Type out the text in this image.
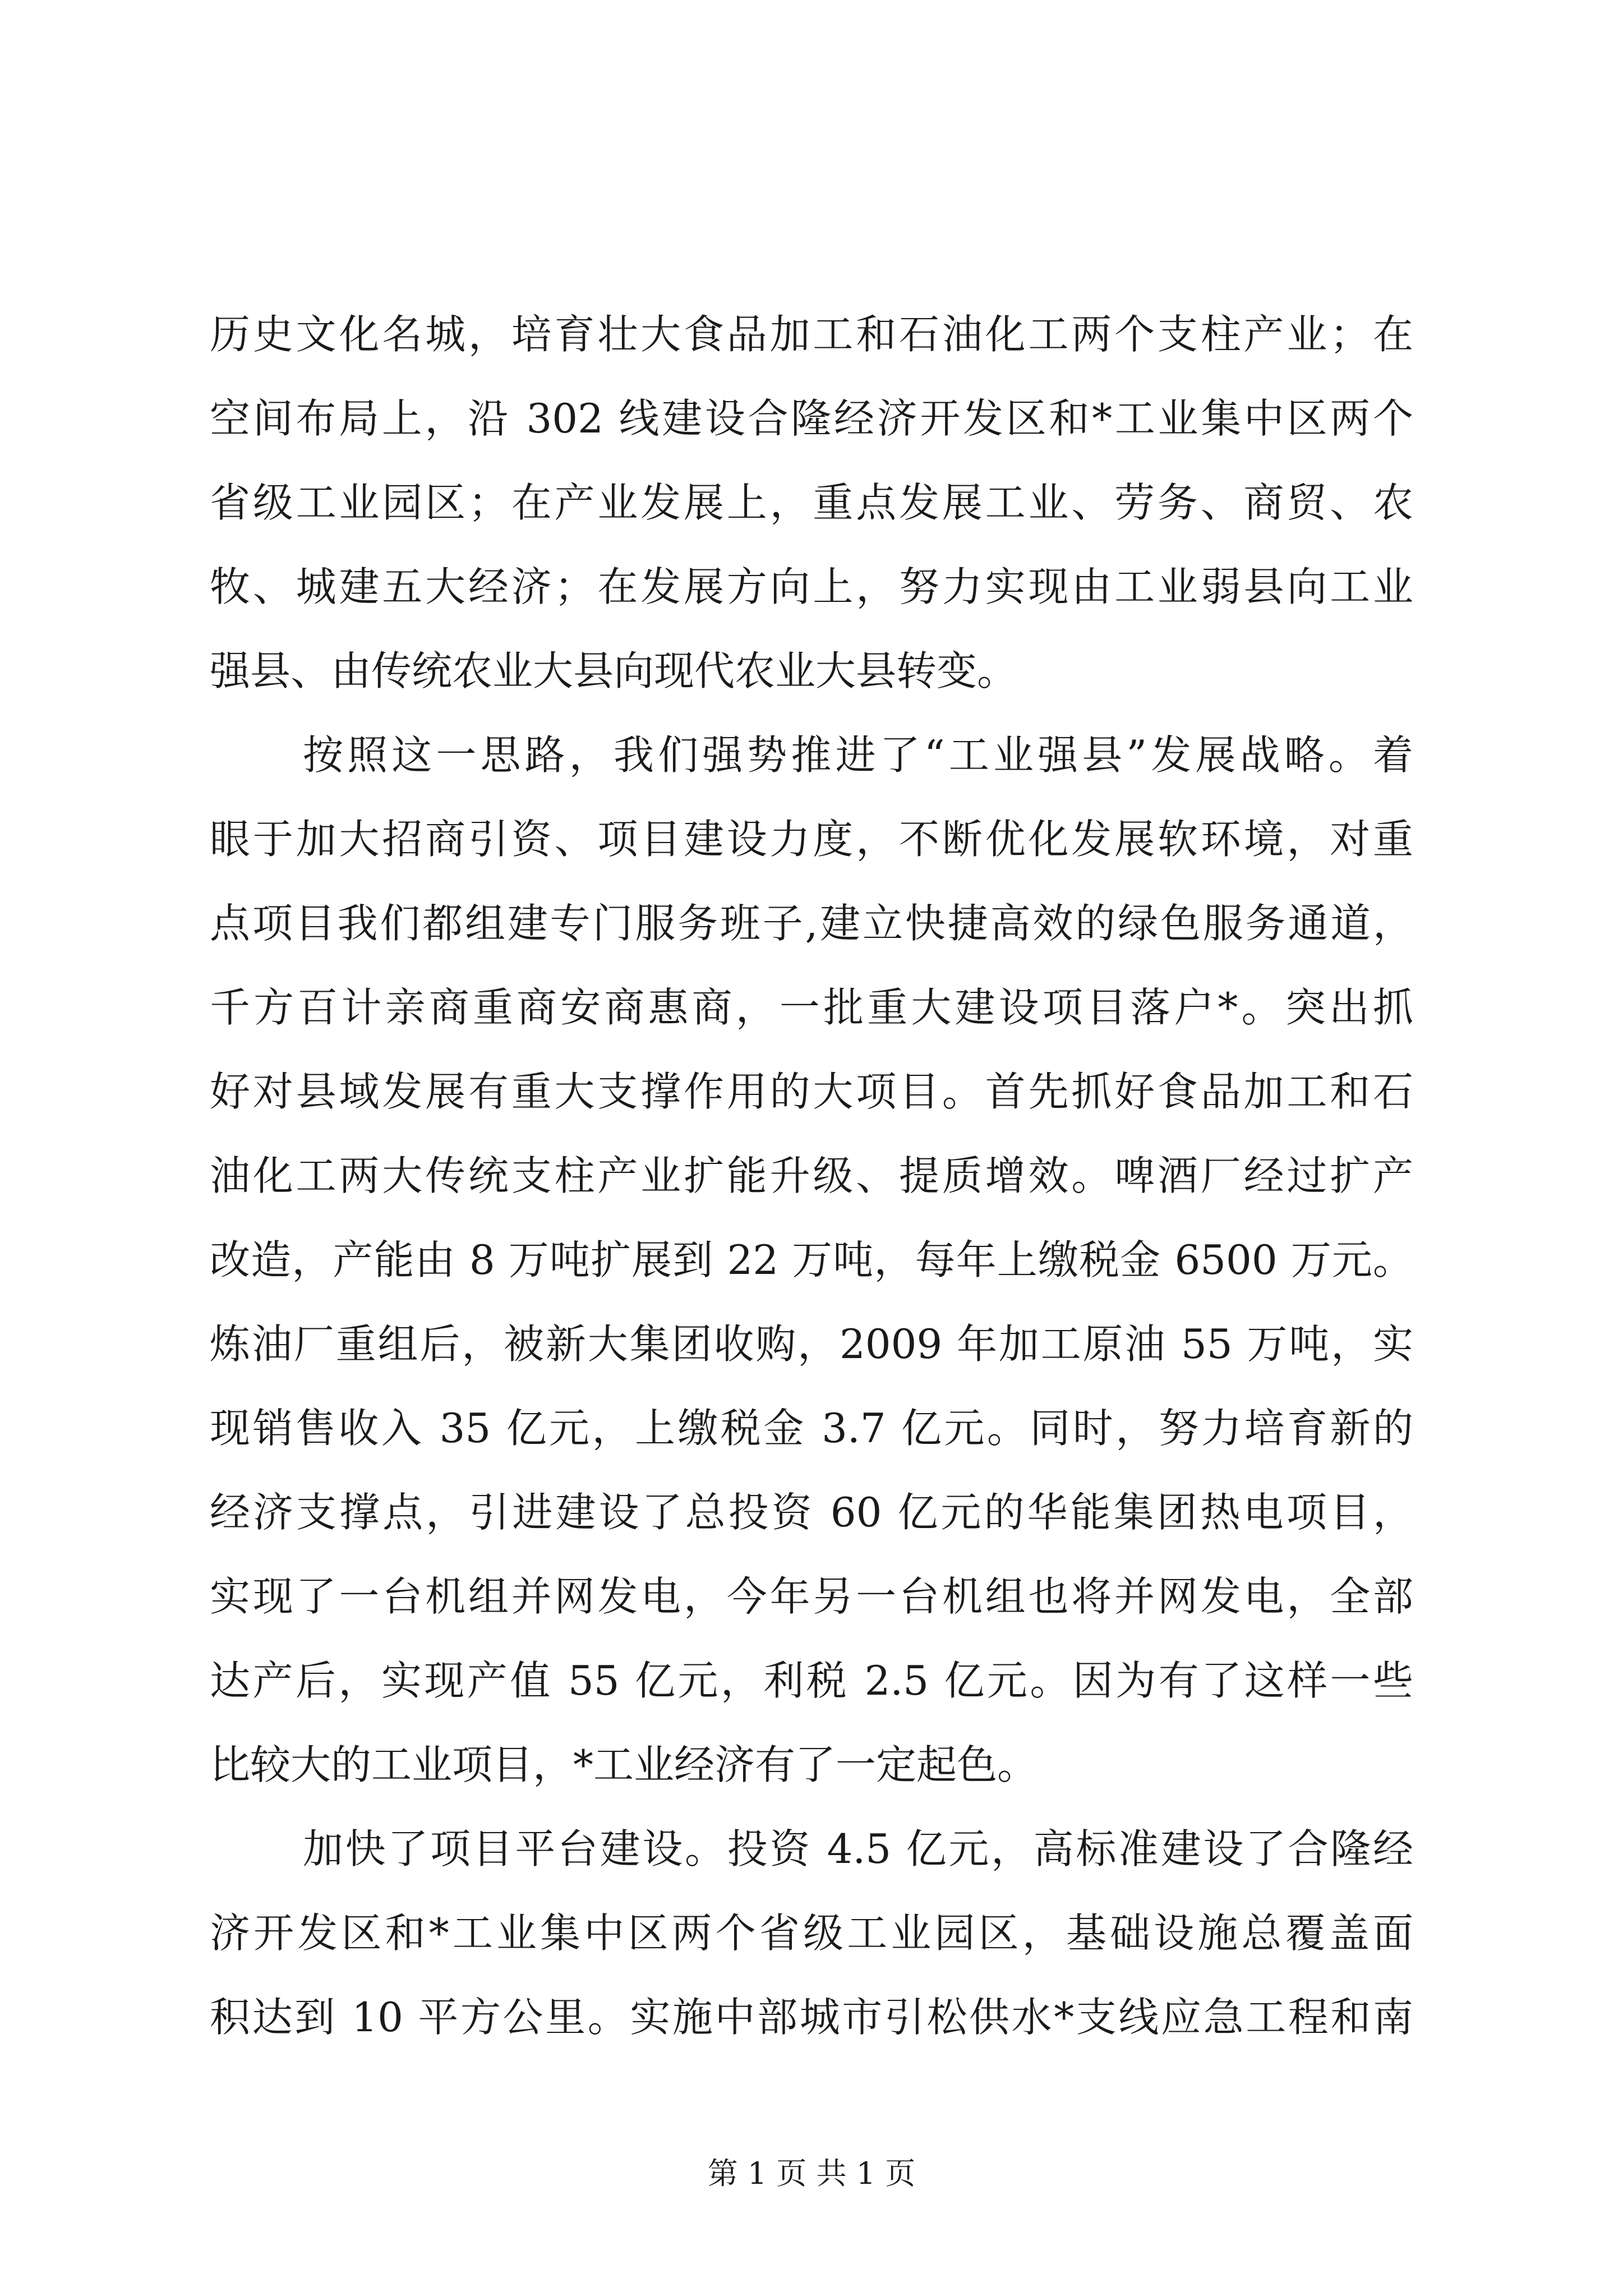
历史文化名城，培育壮大食品加工和石油化工两个支柱产业；在
空间布局上，沿 302 线建设合隆经济开发区和*工业集中区两个
省级工业园区；在产业发展上，重点发展工业、劳务、商贸、农
牧、城建五大经济；在发展方向上，努力实现由工业弱县向工业
强县、由传统农业大县向现代农业大县转变。
按照这一思路，我们强势推进了“工业强县”发展战略。着
眼于加大招商引资、项目建设力度，不断优化发展软环境，对重
点项目我们都组建专门服务班子,建立快捷高效的绿色服务通道，
千方百计亲商重商安商惠商，一批重大建设项目落户*。突出抓
好对县域发展有重大支撑作用的大项目。首先抓好食品加工和石
油化工两大传统支柱产业扩能升级、提质增效。啤酒厂经过扩产
改造，产能由 8 万吨扩展到 22 万吨，每年上缴税金 6500 万元。
炼油厂重组后，被新大集团收购，2009 年加工原油 55 万吨，实
现销售收入 35 亿元，上缴税金 3.7 亿元。同时，努力培育新的
经济支撑点，引进建设了总投资 60 亿元的华能集团热电项目，
实现了一台机组并网发电，今年另一台机组也将并网发电，全部
达产后，实现产值 55 亿元，利税 2.5 亿元。因为有了这样一些
比较大的工业项目，*工业经济有了一定起色。
加快了项目平台建设。投资 4.5 亿元，高标准建设了合隆经
济开发区和*工业集中区两个省级工业园区，基础设施总覆盖面
积达到 10 平方公里。实施中部城市引松供水*支线应急工程和南
第 1 页 共 1 页
